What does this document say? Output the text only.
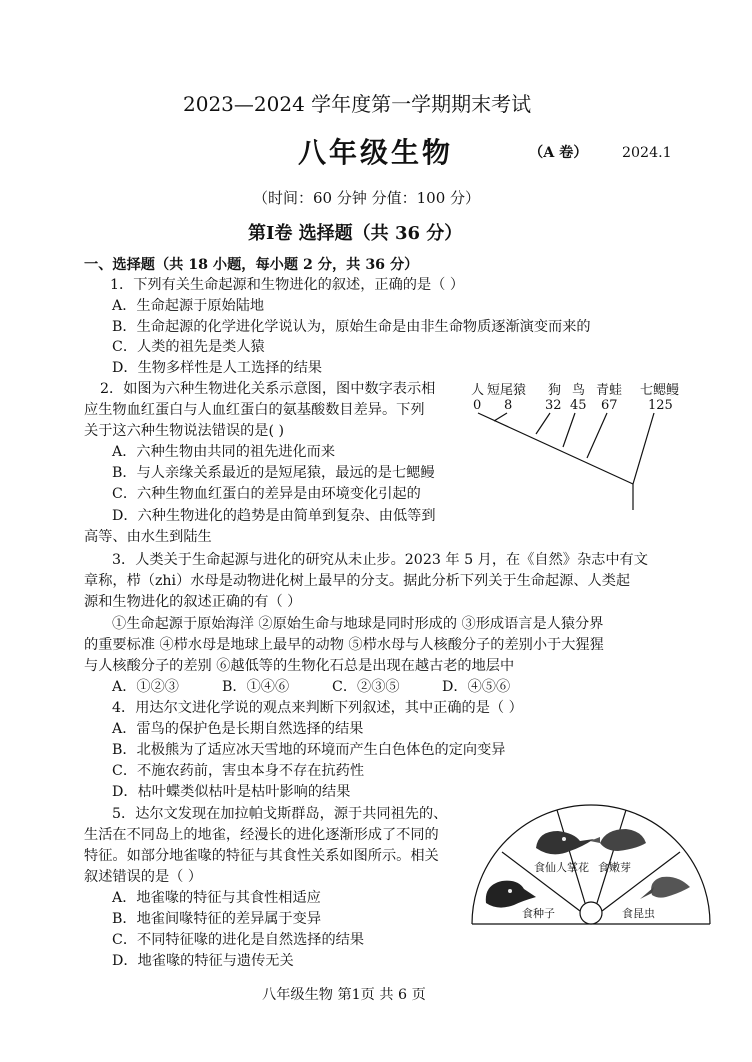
2023—2024 学年度第一学期期末考试
八年级生物	（A 卷） 2024.1
（时间：60 分钟 分值：100 分）
第Ⅰ卷 选择题（共 36 分）
一、选择题（共 18 小题，每小题 2 分，共 36 分）
1．下列有关生命起源和生物进化的叙述，正确的是（ ）
A．生命起源于原始陆地
B．生命起源的化学进化学说认为，原始生命是由非生命物质逐渐演变而来的
C．人类的祖先是类人猿
D．生物多样性是人工选择的结果
2．如图为六种生物进化关系示意图，图中数字表示相
应生物血红蛋白与人血红蛋白的氨基酸数目差异。下列
关于这六种生物说法错误的是( )
A．六种生物由共同的祖先进化而来
B．与人亲缘关系最近的是短尾猿，最远的是七鳃鳗
C．六种生物血红蛋白的差异是由环境变化引起的
D．六种生物进化的趋势是由简单到复杂、由低等到
高等、由水生到陆生
人 短尾猿 狗 鸟 青蛙 七鳃鳗
0 8	32 45 67 125
3．人类关于生命起源与进化的研究从未止步。2023 年 5 月，在《自然》杂志中有文
章称，栉（zhi）水母是动物进化树上最早的分支。据此分析下列关于生命起源、人类起
源和生物进化的叙述正确的有（ ）
①生命起源于原始海洋 ②原始生命与地球是同时形成的 ③形成语言是人猿分界
的重要标准 ④栉水母是地球上最早的动物 ⑤栉水母与人核酸分子的差别小于大猩猩
与人核酸分子的差别 ⑥越低等的生物化石总是出现在越古老的地层中
A．①②③	B．①④⑥	C．②③⑤	D．④⑤⑥
4．用达尔文进化学说的观点来判断下列叙述，其中正确的是（ ）
A．雷鸟的保护色是长期自然选择的结果
B．北极熊为了适应冰天雪地的环境而产生白色体色的定向变异
C．不施农药前，害虫本身不存在抗药性
D．枯叶蝶类似枯叶是枯叶影响的结果
5．达尔文发现在加拉帕戈斯群岛，源于共同祖先的、
生活在不同岛上的地雀，经漫长的进化逐渐形成了不同的
特征。如部分地雀喙的特征与其食性关系如图所示。相关
叙述错误的是（ ）
A．地雀喙的特征与其食性相适应
B．地雀间喙特征的差异属于变异
C．不同特征喙的进化是自然选择的结果
D．地雀喙的特征与遗传无关
食仙人掌花 食嫩芽
食种子	食昆虫
八年级生物 第1页 共 6 页
